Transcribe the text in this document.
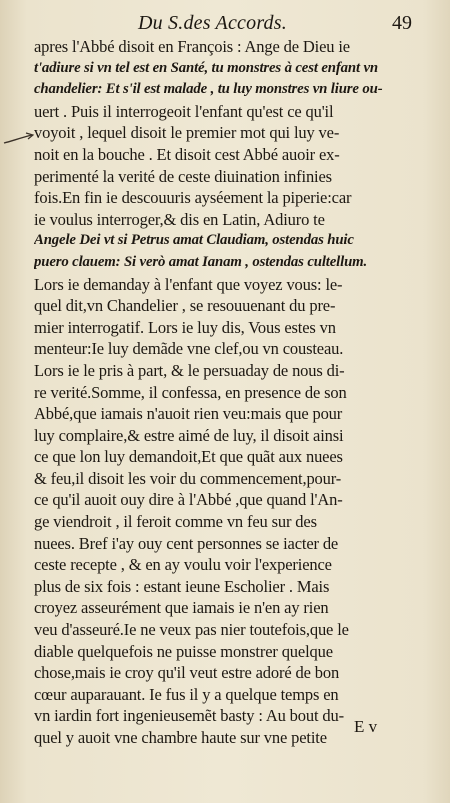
Du S.des Accords.	49
apres l'Abbé disoit en François : Ange de Dieu ie
t'adiure si vn tel est en Santé, tu monstres à cest enfant vn
chandelier: Et s'il est malade , tu luy monstres vn liure ou-
uert . Puis il interrogeoit l'enfant qu'est ce qu'il
voyoit , lequel disoit le premier mot qui luy ve-
noit en la bouche . Et disoit cest Abbé auoir ex-
perimenté la verité de ceste diuination infinies
fois.En fin ie descouuris ayséement la piperie:car
ie voulus interroger,& dis en Latin, Adiuro te
Angele Dei vt si Petrus amat Claudiam, ostendas huic
puero clauem: Si verò amat Ianam , ostendas cultellum.
Lors ie demanday à l'enfant que voyez vous: le-
quel dit,vn Chandelier , se resouuenant du pre-
mier interrogatif. Lors ie luy dis, Vous estes vn
menteur:Ie luy demãde vne clef,ou vn cousteau.
Lors ie le pris à part, & le persuaday de nous di-
re verité.Somme, il confessa, en presence de son
Abbé,que iamais n'auoit rien veu:mais que pour
luy complaire,& estre aimé de luy, il disoit ainsi
ce que lon luy demandoit,Et que quãt aux nuees
& feu,il disoit les voir du commencement,pour-
ce qu'il auoit ouy dire à l'Abbé ,que quand l'An-
ge viendroit , il feroit comme vn feu sur des
nuees. Bref i'ay ouy cent personnes se iacter de
ceste recepte , & en ay voulu voir l'experience
plus de six fois : estant ieune Escholier . Mais
croyez asseurément que iamais ie n'en ay rien
veu d'asseuré.Ie ne veux pas nier toutefois,que le
diable quelquefois ne puisse monstrer quelque
chose,mais ie croy qu'il veut estre adoré de bon
cœur auparauant. Ie fus il y a quelque temps en
vn iardin fort ingenieusemẽt basty : Au bout du-
quel y auoit vne chambre haute sur vne petite
E v
